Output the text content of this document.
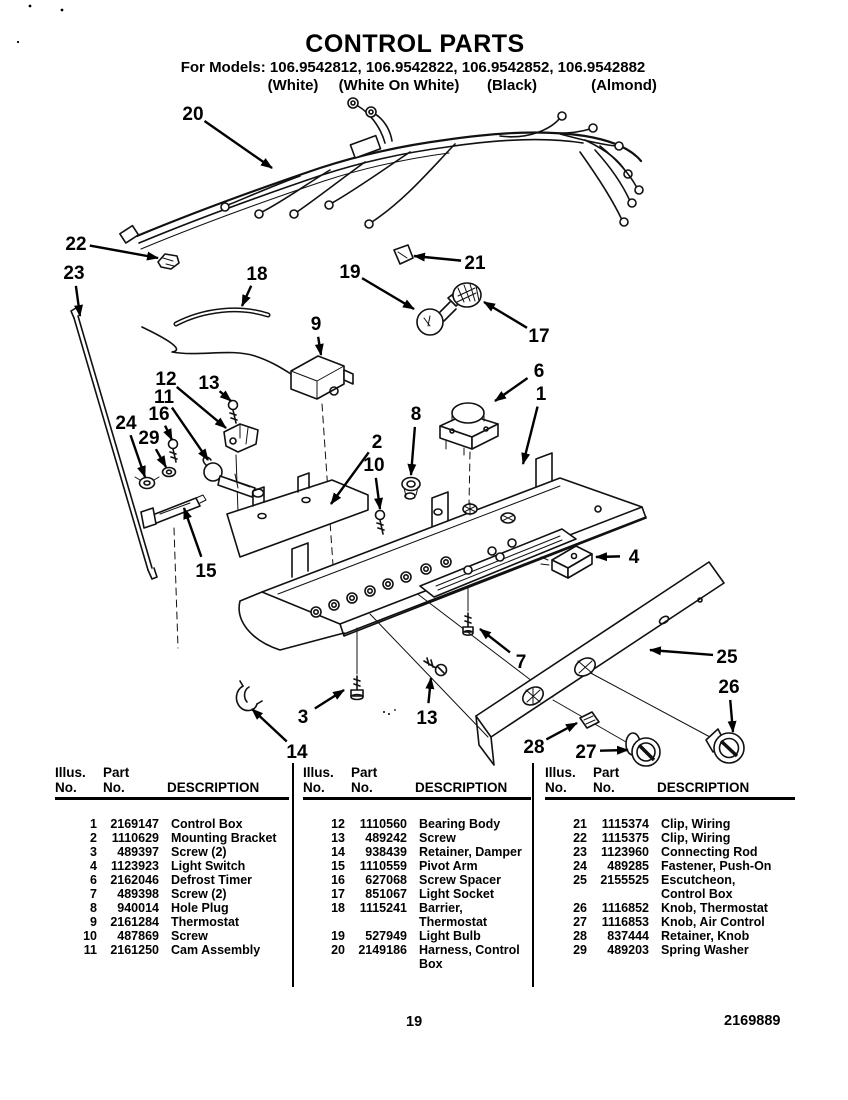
CONTROL PARTS
For Models: 106.9542812, 106.9542822, 106.9542852, 106.9542882
(White) (White On White) (Black)	(Almond)
20
22
23	18	19	21
17
9
12 13
11
16
24
29
15
2
10
8
6
1
4
25
26
7
3	13
14	28 27
Illus. Part
No. No.	DESCRIPTION
1	2169147 Control Box
2	1110629 Mounting Bracket
3	489397 Screw (2)
4	1123923 Light Switch
6	2162046 Defrost Timer
7	489398 Screw (2)
8	940014 Hole Plug
9	2161284 Thermostat
10	487869 Screw
11	2161250 Cam Assembly
Illus. Part
No. No.	DESCRIPTION
12	1110560 Bearing Body
13	489242 Screw
14	938439 Retainer, Damper
15	1110559 Pivot Arm
16	627068 Screw Spacer
17	851067 Light Socket
18	1115241 Barrier,
Thermostat
19	527949 Light Bulb
20	2149186 Harness, Control
Box
Illus. Part
No. No.	DESCRIPTION
21	1115374 Clip, Wiring
22	1115375 Clip, Wiring
23	1123960 Connecting Rod
24	489285 Fastener, Push-On
25	2155525 Escutcheon,
Control Box
26	1116852 Knob, Thermostat
27	1116853 Knob, Air Control
28	837444 Retainer, Knob
29	489203 Spring Washer
19	2169889
